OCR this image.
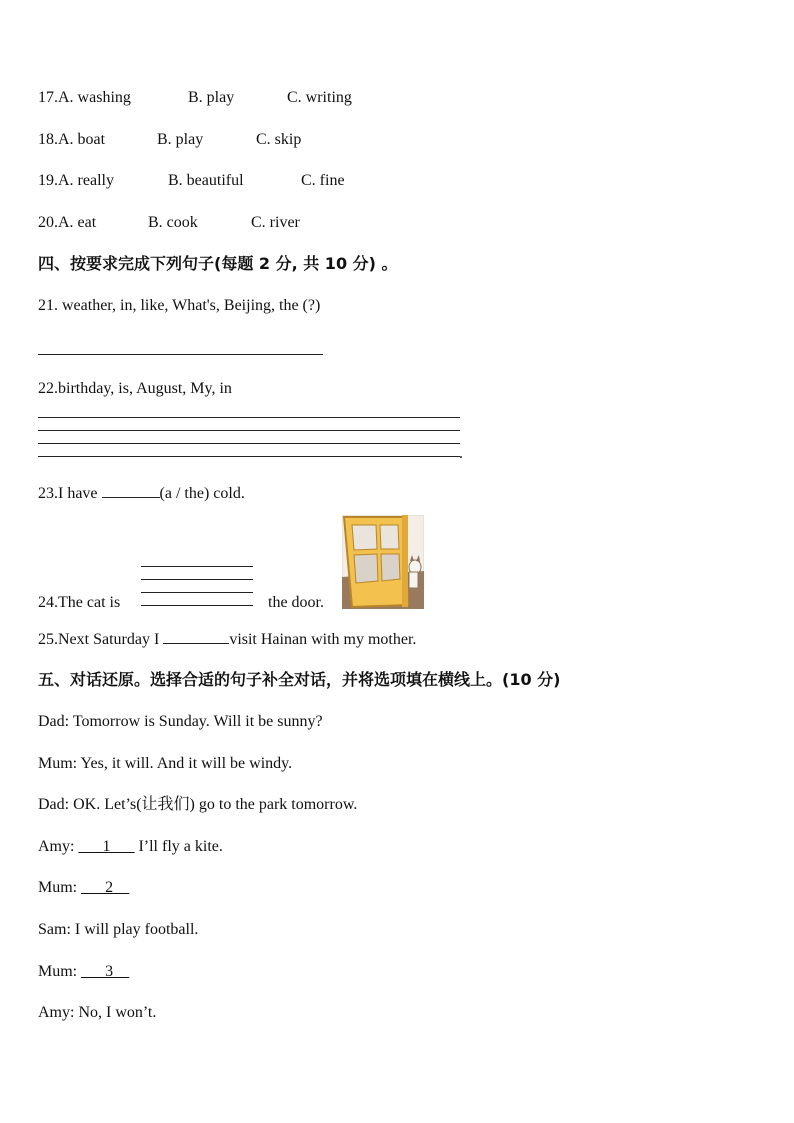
17.A. washing	B. play	C. writing
18.A. boat	B. play	C. skip
19.A. really	B. beautiful	C. fine
20.A. eat	B. cook	C. river
四、按要求完成下列句子(每题 2 分, 共 10 分) 。
21. weather, in, like, What's, Beijing, the (?)
22.birthday, is, August, My, in
.
23.I have	(a / the) cold.
24.The cat is	the door.
25.Next Saturday I	visit Hainan with my mother.
五、对话还原。选择合适的句子补全对话，并将选项填在横线上。(10 分)
Dad: Tomorrow is Sunday. Will it be sunny?
Mum: Yes, it will. And it will be windy.
Dad: OK. Let’s(让我们) go to the park tomorrow.
Amy: ___1___ I’ll fly a kite.
Mum: ___2__
Sam: I will play football.
Mum: ___3__
Amy: No, I won’t.
